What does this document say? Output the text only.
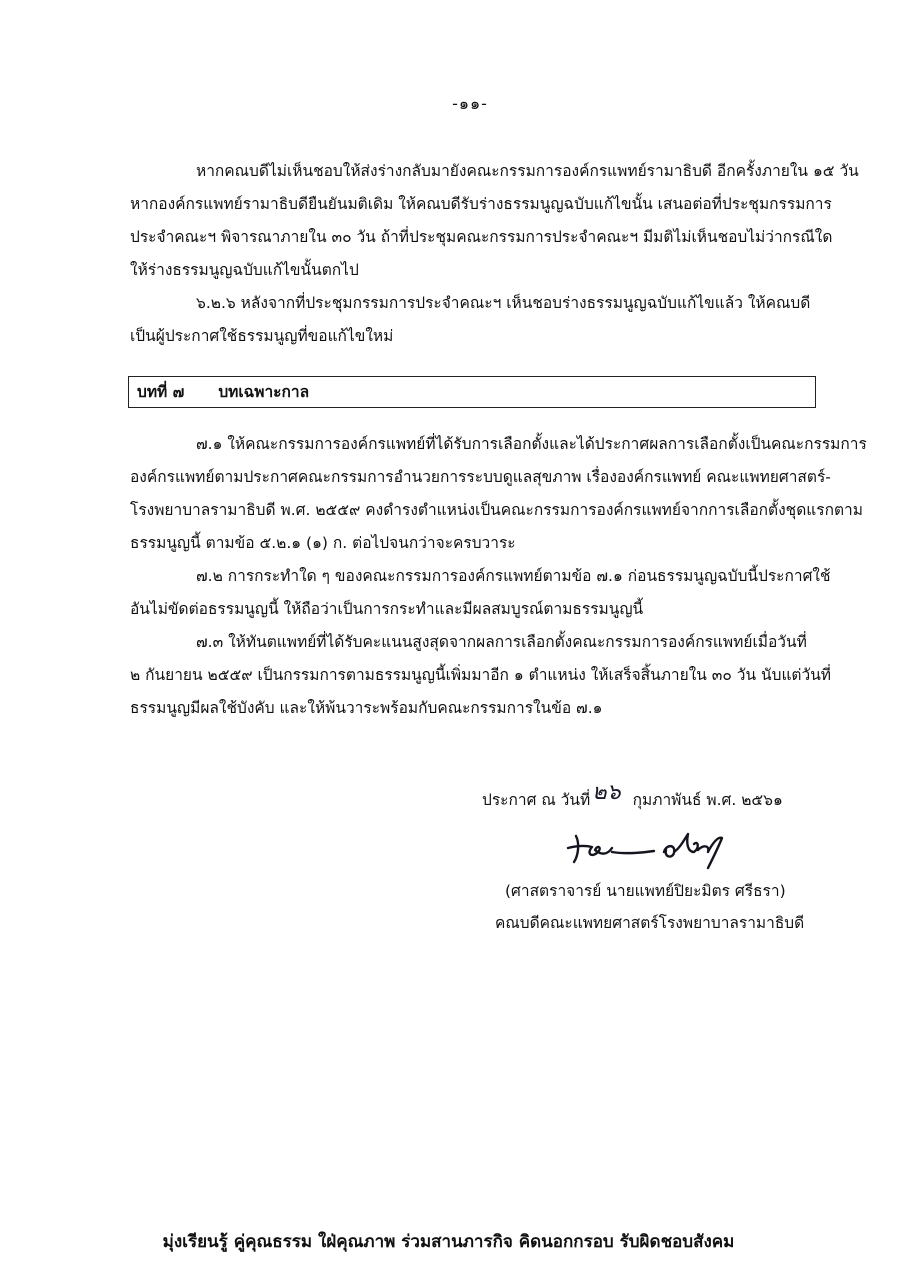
-๑๑-

หากคณบดีไม่เห็นชอบให้ส่งร่างกลับมายังคณะกรรมการองค์กรแพทย์รามาธิบดี อีกครั้งภายใน ๑๕ วัน
หากองค์กรแพทย์รามาธิบดียืนยันมติเดิม ให้คณบดีรับร่างธรรมนูญฉบับแก้ไขนั้น เสนอต่อที่ประชุมกรรมการ
ประจำคณะฯ พิจารณาภายใน ๓๐ วัน ถ้าที่ประชุมคณะกรรมการประจำคณะฯ มีมติไม่เห็นชอบไม่ว่ากรณีใด
ให้ร่างธรรมนูญฉบับแก้ไขนั้นตกไป

๖.๒.๖ หลังจากที่ประชุมกรรมการประจำคณะฯ เห็นชอบร่างธรรมนูญฉบับแก้ไขแล้ว ให้คณบดี
เป็นผู้ประกาศใช้ธรรมนูญที่ขอแก้ไขใหม่

บทที่ ๗ บทเฉพาะกาล

๗.๑ ให้คณะกรรมการองค์กรแพทย์ที่ได้รับการเลือกตั้งและได้ประกาศผลการเลือกตั้งเป็นคณะกรรมการ
องค์กรแพทย์ตามประกาศคณะกรรมการอำนวยการระบบดูแลสุขภาพ เรื่ององค์กรแพทย์ คณะแพทยศาสตร์-
โรงพยาบาลรามาธิบดี พ.ศ. ๒๕๕๙ คงดำรงตำแหน่งเป็นคณะกรรมการองค์กรแพทย์จากการเลือกตั้งชุดแรกตาม
ธรรมนูญนี้ ตามข้อ ๕.๒.๑ (๑) ก. ต่อไปจนกว่าจะครบวาระ

๗.๒ การกระทำใด ๆ ของคณะกรรมการองค์กรแพทย์ตามข้อ ๗.๑ ก่อนธรรมนูญฉบับนี้ประกาศใช้
อันไม่ขัดต่อธรรมนูญนี้ ให้ถือว่าเป็นการกระทำและมีผลสมบูรณ์ตามธรรมนูญนี้

๗.๓ ให้ทันตแพทย์ที่ได้รับคะแนนสูงสุดจากผลการเลือกตั้งคณะกรรมการองค์กรแพทย์เมื่อวันที่
๒ กันยายน ๒๕๕๙ เป็นกรรมการตามธรรมนูญนี้เพิ่มมาอีก ๑ ตำแหน่ง ให้เสร็จสิ้นภายใน ๓๐ วัน นับแต่วันที่
ธรรมนูญมีผลใช้บังคับ และให้พ้นวาระพร้อมกับคณะกรรมการในข้อ ๗.๑

ประกาศ ณ วันที่๒๖ กุมภาพันธ์ พ.ศ. ๒๕๖๑
(ศาสตราจารย์ นายแพทย์ปิยะมิตร ศรีธรา)
คณบดีคณะแพทยศาสตร์โรงพยาบาลรามาธิบดี
มุ่งเรียนรู้ คู่คุณธรรม ใฝ่คุณภาพ ร่วมสานภารกิจ คิดนอกกรอบ รับผิดชอบสังคม
